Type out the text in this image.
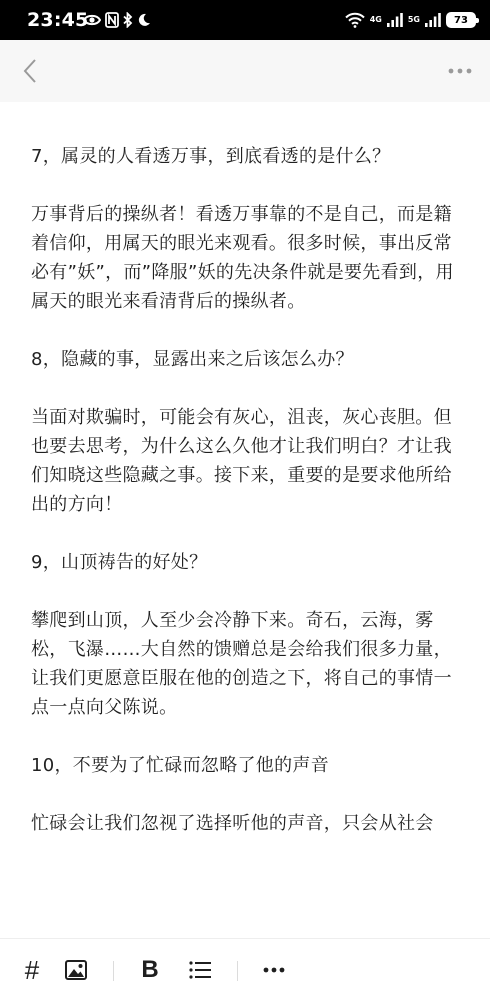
23:45	4G	5G	73

7，属灵的人看透万事，到底看透的是什么？

万事背后的操纵者！看透万事靠的不是自己，而是籍着信仰，用属天的眼光来观看。很多时候，事出反常必有”妖”，而”降服”妖的先决条件就是要先看到，用属天的眼光来看清背后的操纵者。

8，隐藏的事，显露出来之后该怎么办？

当面对欺骗时，可能会有灰心，沮丧，灰心丧胆。但也要去思考，为什么这么久他才让我们明白？才让我们知晓这些隐藏之事。接下来，重要的是要求他所给出的方向！

9，山顶祷告的好处？

攀爬到山顶，人至少会冷静下来。奇石，云海，雾松，飞瀑……大自然的馈赠总是会给我们很多力量，让我们更愿意臣服在他的创造之下，将自己的事情一点一点向父陈说。

10，不要为了忙碌而忽略了他的声音

忙碌会让我们忽视了选择听他的声音，只会从社会

#	B
